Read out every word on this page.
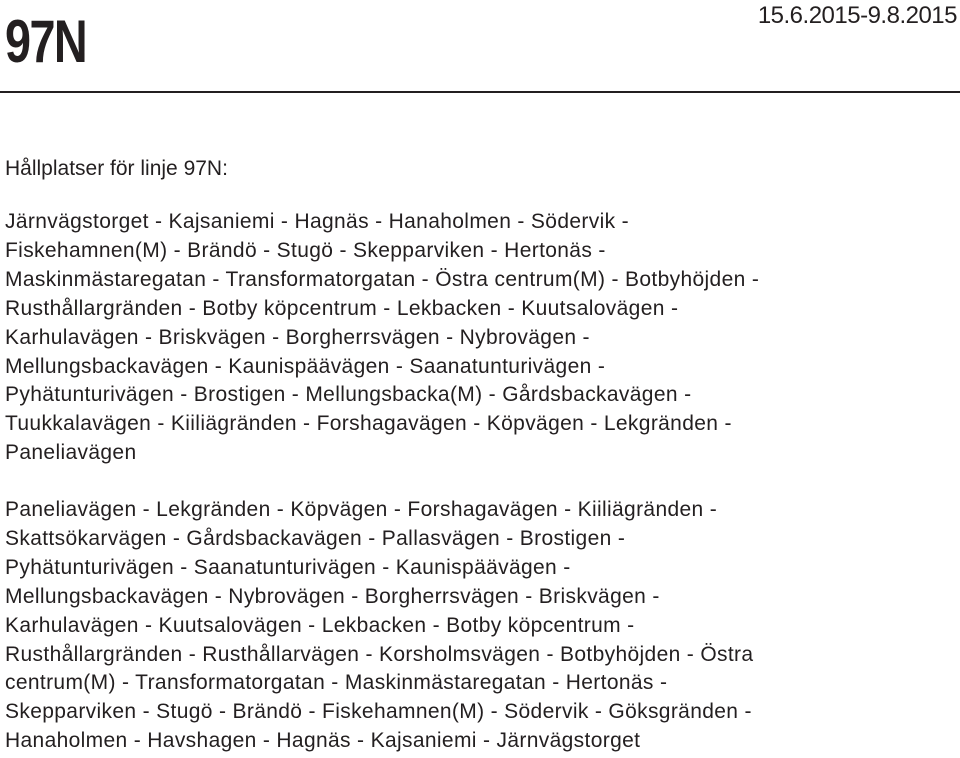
97N	15.6.2015-9.8.2015
Hållplatser för linje 97N:
Järnvägstorget - Kajsaniemi - Hagnäs - Hanaholmen - Södervik -
Fiskehamnen(M) - Brändö - Stugö - Skepparviken - Hertonäs -
Maskinmästaregatan - Transformatorgatan - Östra centrum(M) - Botbyhöjden -
Rusthållargränden - Botby köpcentrum - Lekbacken - Kuutsalovägen -
Karhulavägen - Briskvägen - Borgherrsvägen - Nybrovägen -
Mellungsbackavägen - Kaunispäävägen - Saanatunturivägen -
Pyhätunturivägen - Brostigen - Mellungsbacka(M) - Gårdsbackavägen -
Tuukkalavägen - Kiiliägränden - Forshagavägen - Köpvägen - Lekgränden -
Paneliavägen
Paneliavägen - Lekgränden - Köpvägen - Forshagavägen - Kiiliägränden -
Skattsökarvägen - Gårdsbackavägen - Pallasvägen - Brostigen -
Pyhätunturivägen - Saanatunturivägen - Kaunispäävägen -
Mellungsbackavägen - Nybrovägen - Borgherrsvägen - Briskvägen -
Karhulavägen - Kuutsalovägen - Lekbacken - Botby köpcentrum -
Rusthållargränden - Rusthållarvägen - Korsholmsvägen - Botbyhöjden - Östra
centrum(M) - Transformatorgatan - Maskinmästaregatan - Hertonäs -
Skepparviken - Stugö - Brändö - Fiskehamnen(M) - Södervik - Göksgränden -
Hanaholmen - Havshagen - Hagnäs - Kajsaniemi - Järnvägstorget
